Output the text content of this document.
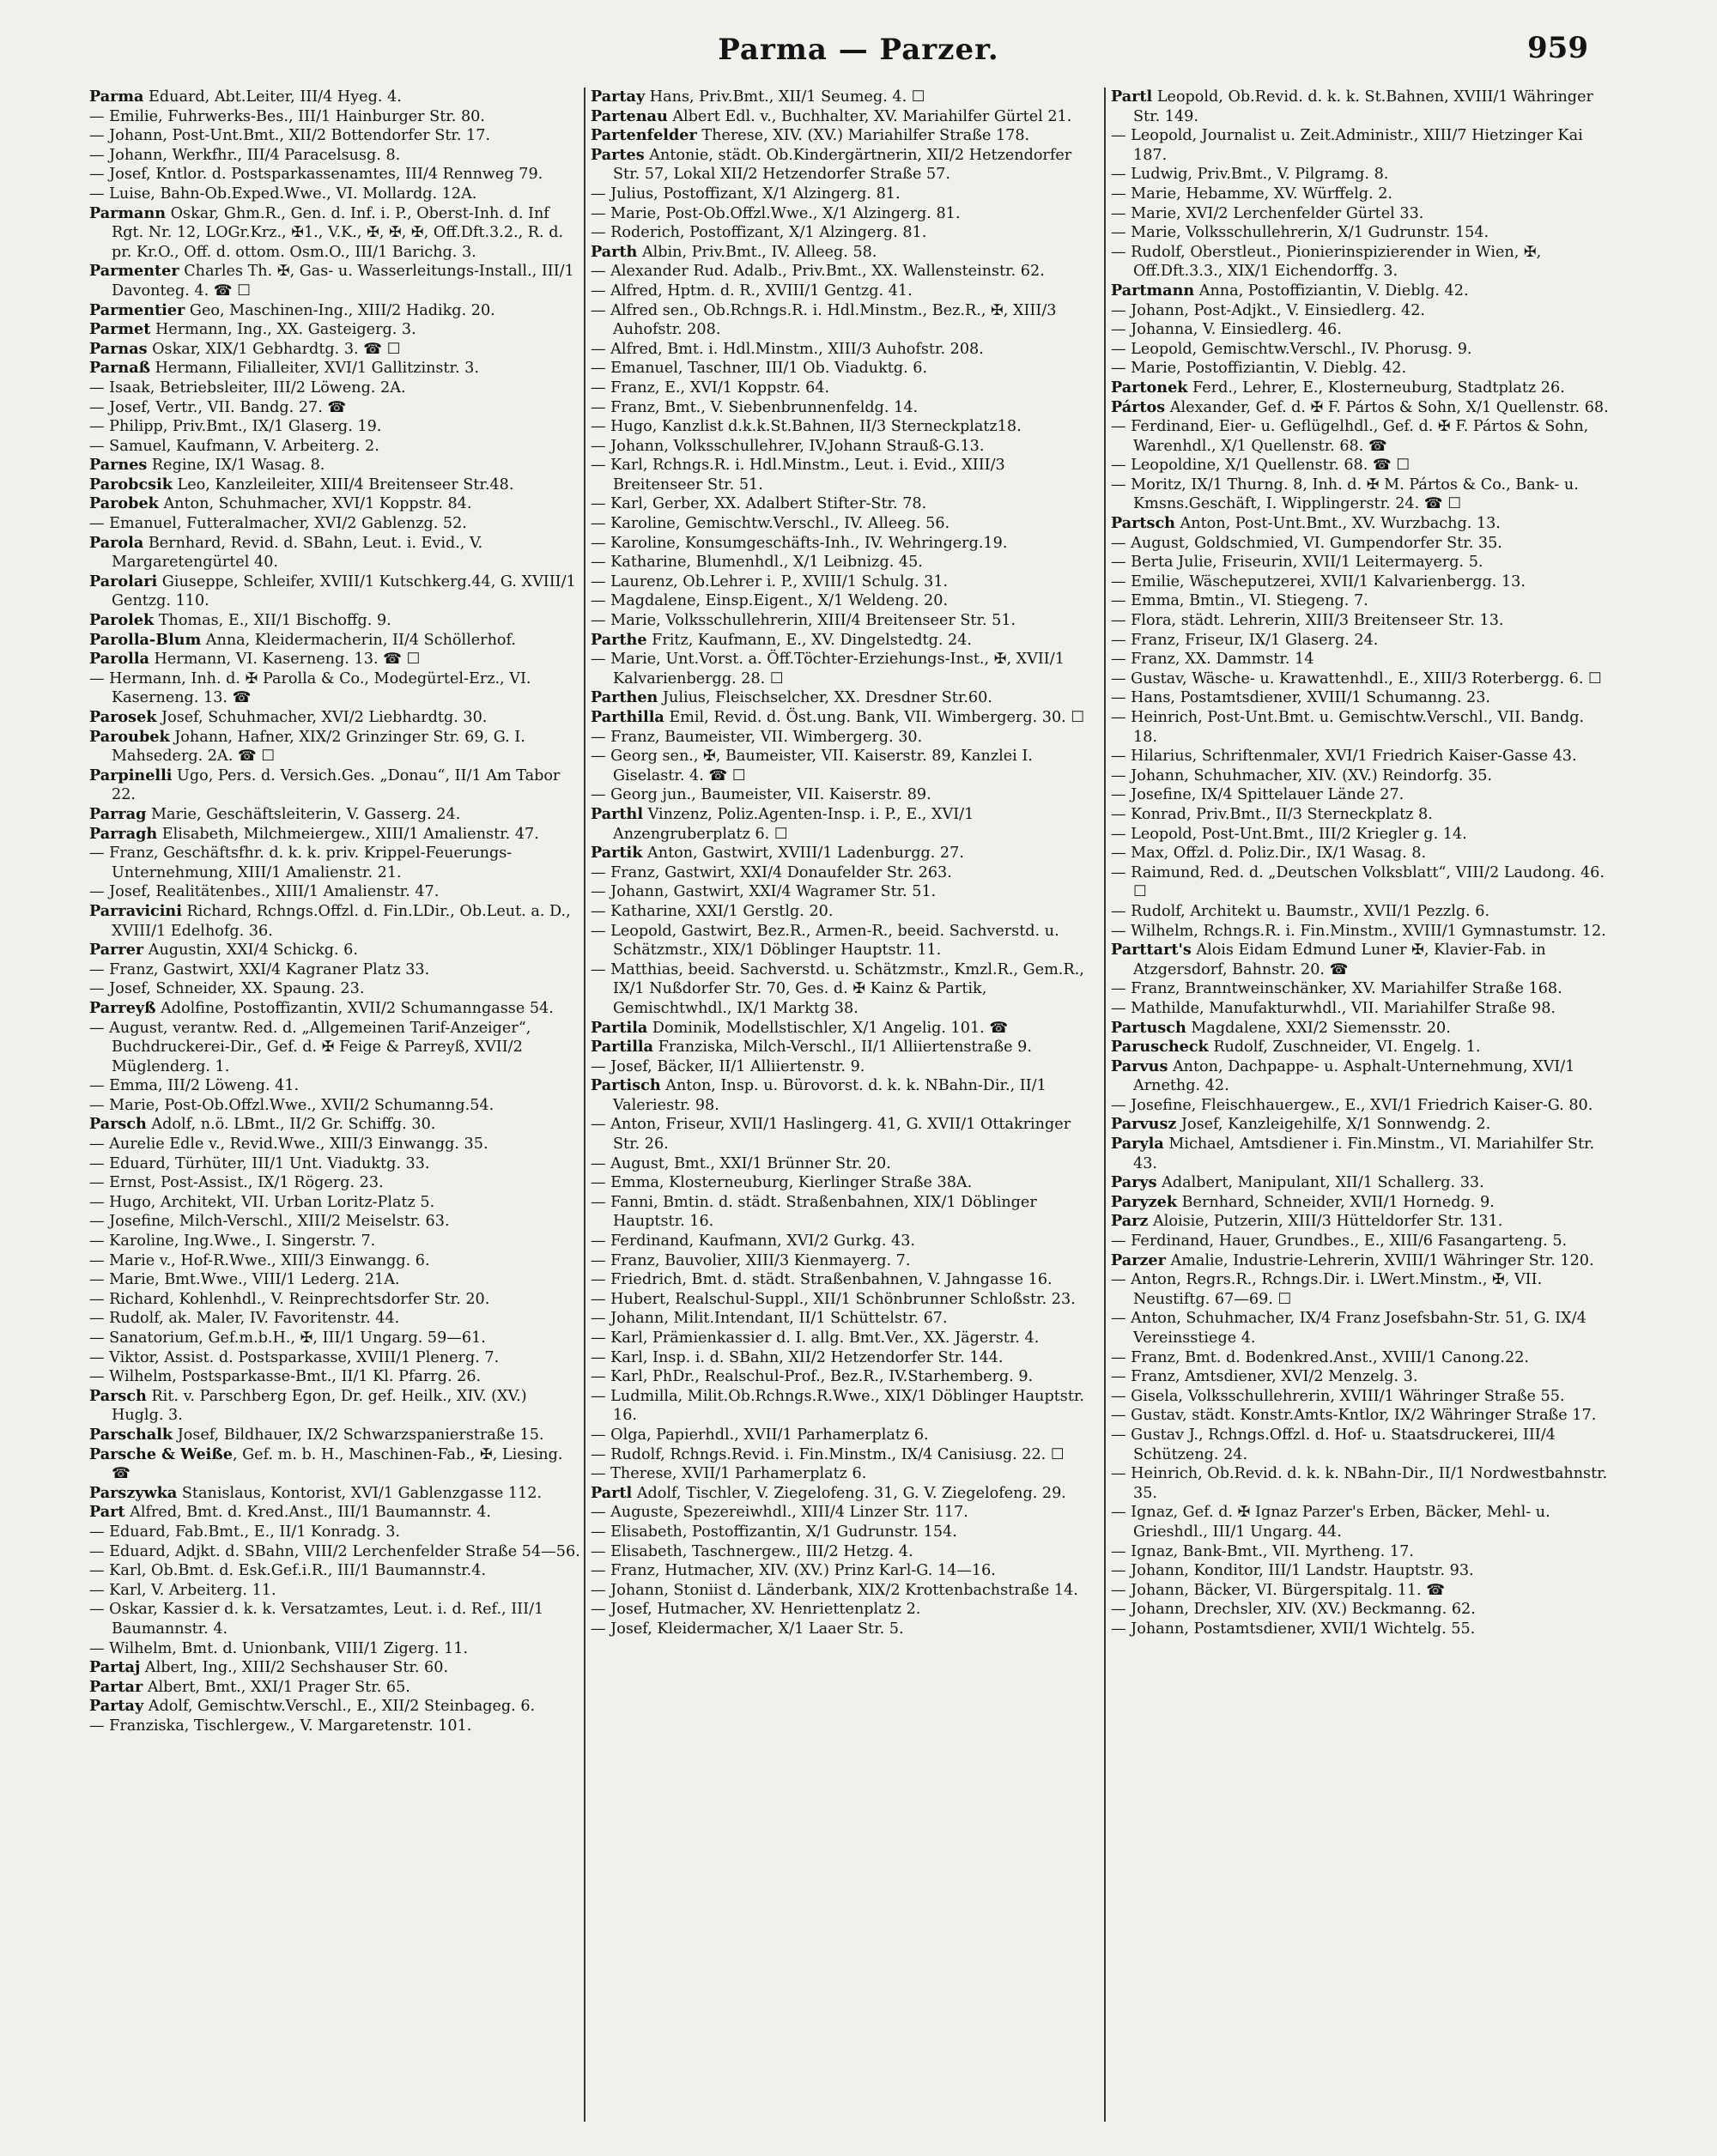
Parma — Parzer.	959

Parma Eduard, Abt.Leiter, III/4 Hyeg. 4.

— Emilie, Fuhrwerks-Bes., III/1 Hainburger Str. 80.

— Johann, Post-Unt.Bmt., XII/2 Bottendorfer Str. 17.

— Johann, Werkfhr., III/4 Paracelsusg. 8.

— Josef, Kntlor. d. Postsparkassenamtes, III/4 Rennweg 79.

— Luise, Bahn-Ob.Exped.Wwe., VI. Mollardg. 12A.

Parmann Oskar, Ghm.R., Gen. d. Inf. i. P., Oberst-Inh. d. Inf Rgt. Nr. 12, LOGr.Krz., ✠1., V.K., ✠, ✠, ✠, Off.Dft.3.2., R. d. pr. Kr.O., Off. d. ottom. Osm.O., III/1 Barichg. 3.

Parmenter Charles Th. ✠, Gas- u. Wasserleitungs-Install., III/1 Davonteg. 4. ☎ ☐

Parmentier Geo, Maschinen-Ing., XIII/2 Hadikg. 20.

Parmet Hermann, Ing., XX. Gasteigerg. 3.

Parnas Oskar, XIX/1 Gebhardtg. 3. ☎ ☐

Parnaß Hermann, Filialleiter, XVI/1 Gallitzinstr. 3.

— Isaak, Betriebsleiter, III/2 Löweng. 2A.

— Josef, Vertr., VII. Bandg. 27. ☎

— Philipp, Priv.Bmt., IX/1 Glaserg. 19.

— Samuel, Kaufmann, V. Arbeiterg. 2.

Parnes Regine, IX/1 Wasag. 8.

Parobcsik Leo, Kanzleileiter, XIII/4 Breitenseer Str.48.

Parobek Anton, Schuhmacher, XVI/1 Koppstr. 84.

— Emanuel, Futteralmacher, XVI/2 Gablenzg. 52.

Parola Bernhard, Revid. d. SBahn, Leut. i. Evid., V. Margaretengürtel 40.

Parolari Giuseppe, Schleifer, XVIII/1 Kutschkerg.44, G. XVIII/1 Gentzg. 110.

Parolek Thomas, E., XII/1 Bischoffg. 9.

Parolla-Blum Anna, Kleidermacherin, II/4 Schöllerhof.

Parolla Hermann, VI. Kaserneng. 13. ☎ ☐

— Hermann, Inh. d. ✠ Parolla & Co., Modegürtel-Erz., VI. Kaserneng. 13. ☎

Parosek Josef, Schuhmacher, XVI/2 Liebhardtg. 30.

Paroubek Johann, Hafner, XIX/2 Grinzinger Str. 69, G. I. Mahsederg. 2A. ☎ ☐

Parpinelli Ugo, Pers. d. Versich.Ges. „Donau“, II/1 Am Tabor 22.

Parrag Marie, Geschäftsleiterin, V. Gasserg. 24.

Parragh Elisabeth, Milchmeiergew., XIII/1 Amalienstr. 47.

— Franz, Geschäftsfhr. d. k. k. priv. Krippel-Feuerungs-Unternehmung, XIII/1 Amalienstr. 21.

— Josef, Realitätenbes., XIII/1 Amalienstr. 47.

Parravicini Richard, Rchngs.Offzl. d. Fin.LDir., Ob.Leut. a. D., XVIII/1 Edelhofg. 36.

Parrer Augustin, XXI/4 Schickg. 6.

— Franz, Gastwirt, XXI/4 Kagraner Platz 33.

— Josef, Schneider, XX. Spaung. 23.

Parreyß Adolfine, Postoffizantin, XVII/2 Schumanngasse 54.

— August, verantw. Red. d. „Allgemeinen Tarif-Anzeiger“, Buchdruckerei-Dir., Gef. d. ✠ Feige & Parreyß, XVII/2 Müglenderg. 1.

— Emma, III/2 Löweng. 41.

— Marie, Post-Ob.Offzl.Wwe., XVII/2 Schumanng.54.

Parsch Adolf, n.ö. LBmt., II/2 Gr. Schiffg. 30.

— Aurelie Edle v., Revid.Wwe., XIII/3 Einwangg. 35.

— Eduard, Türhüter, III/1 Unt. Viaduktg. 33.

— Ernst, Post-Assist., IX/1 Rögerg. 23.

— Hugo, Architekt, VII. Urban Loritz-Platz 5.

— Josefine, Milch-Verschl., XIII/2 Meiselstr. 63.

— Karoline, Ing.Wwe., I. Singerstr. 7.

— Marie v., Hof-R.Wwe., XIII/3 Einwangg. 6.

— Marie, Bmt.Wwe., VIII/1 Lederg. 21A.

— Richard, Kohlenhdl., V. Reinprechtsdorfer Str. 20.

— Rudolf, ak. Maler, IV. Favoritenstr. 44.

— Sanatorium, Gef.m.b.H., ✠, III/1 Ungarg. 59—61.

— Viktor, Assist. d. Postsparkasse, XVIII/1 Plenerg. 7.

— Wilhelm, Postsparkasse-Bmt., II/1 Kl. Pfarrg. 26.

Parsch Rit. v. Parschberg Egon, Dr. gef. Heilk., XIV. (XV.) Huglg. 3.

Parschalk Josef, Bildhauer, IX/2 Schwarzspanierstraße 15.

Parsche & Weiße, Gef. m. b. H., Maschinen-Fab., ✠, Liesing. ☎

Parszywka Stanislaus, Kontorist, XVI/1 Gablenzgasse 112.

Part Alfred, Bmt. d. Kred.Anst., III/1 Baumannstr. 4.

— Eduard, Fab.Bmt., E., II/1 Konradg. 3.

— Eduard, Adjkt. d. SBahn, VIII/2 Lerchenfelder Straße 54—56.

— Karl, Ob.Bmt. d. Esk.Gef.i.R., III/1 Baumannstr.4.

— Karl, V. Arbeiterg. 11.

— Oskar, Kassier d. k. k. Versatzamtes, Leut. i. d. Ref., III/1 Baumannstr. 4.

— Wilhelm, Bmt. d. Unionbank, VIII/1 Zigerg. 11.

Partaj Albert, Ing., XIII/2 Sechshauser Str. 60.

Partar Albert, Bmt., XXI/1 Prager Str. 65.

Partay Adolf, Gemischtw.Verschl., E., XII/2 Steinbageg. 6.

— Franziska, Tischlergew., V. Margaretenstr. 101.

Partay Hans, Priv.Bmt., XII/1 Seumeg. 4. ☐

Partenau Albert Edl. v., Buchhalter, XV. Mariahilfer Gürtel 21.

Partenfelder Therese, XIV. (XV.) Mariahilfer Straße 178.

Partes Antonie, städt. Ob.Kindergärtnerin, XII/2 Hetzendorfer Str. 57, Lokal XII/2 Hetzendorfer Straße 57.

— Julius, Postoffizant, X/1 Alzingerg. 81.

— Marie, Post-Ob.Offzl.Wwe., X/1 Alzingerg. 81.

— Roderich, Postoffizant, X/1 Alzingerg. 81.

Parth Albin, Priv.Bmt., IV. Alleeg. 58.

— Alexander Rud. Adalb., Priv.Bmt., XX. Wallensteinstr. 62.

— Alfred, Hptm. d. R., XVIII/1 Gentzg. 41.

— Alfred sen., Ob.Rchngs.R. i. Hdl.Minstm., Bez.R., ✠, XIII/3 Auhofstr. 208.

— Alfred, Bmt. i. Hdl.Minstm., XIII/3 Auhofstr. 208.

— Emanuel, Taschner, III/1 Ob. Viaduktg. 6.

— Franz, E., XVI/1 Koppstr. 64.

— Franz, Bmt., V. Siebenbrunnenfeldg. 14.

— Hugo, Kanzlist d.k.k.St.Bahnen, II/3 Sterneckplatz18.

— Johann, Volksschullehrer, IV.Johann Strauß-G.13.

— Karl, Rchngs.R. i. Hdl.Minstm., Leut. i. Evid., XIII/3 Breitenseer Str. 51.

— Karl, Gerber, XX. Adalbert Stifter-Str. 78.

— Karoline, Gemischtw.Verschl., IV. Alleeg. 56.

— Karoline, Konsumgeschäfts-Inh., IV. Wehringerg.19.

— Katharine, Blumenhdl., X/1 Leibnizg. 45.

— Laurenz, Ob.Lehrer i. P., XVIII/1 Schulg. 31.

— Magdalene, Einsp.Eigent., X/1 Weldeng. 20.

— Marie, Volksschullehrerin, XIII/4 Breitenseer Str. 51.

Parthe Fritz, Kaufmann, E., XV. Dingelstedtg. 24.

— Marie, Unt.Vorst. a. Öff.Töchter-Erziehungs-Inst., ✠, XVII/1 Kalvarienbergg. 28. ☐

Parthen Julius, Fleischselcher, XX. Dresdner Str.60.

Parthilla Emil, Revid. d. Öst.ung. Bank, VII. Wimbergerg. 30. ☐

— Franz, Baumeister, VII. Wimbergerg. 30.

— Georg sen., ✠, Baumeister, VII. Kaiserstr. 89, Kanzlei I. Giselastr. 4. ☎ ☐

— Georg jun., Baumeister, VII. Kaiserstr. 89.

Parthl Vinzenz, Poliz.Agenten-Insp. i. P., E., XVI/1 Anzengruberplatz 6. ☐

Partik Anton, Gastwirt, XVIII/1 Ladenburgg. 27.

— Franz, Gastwirt, XXI/4 Donaufelder Str. 263.

— Johann, Gastwirt, XXI/4 Wagramer Str. 51.

— Katharine, XXI/1 Gerstlg. 20.

— Leopold, Gastwirt, Bez.R., Armen-R., beeid. Sachverstd. u. Schätzmstr., XIX/1 Döblinger Hauptstr. 11.

— Matthias, beeid. Sachverstd. u. Schätzmstr., Kmzl.R., Gem.R., IX/1 Nußdorfer Str. 70, Ges. d. ✠ Kainz & Partik, Gemischtwhdl., IX/1 Marktg 38.

Partila Dominik, Modellstischler, X/1 Angelig. 101. ☎

Partilla Franziska, Milch-Verschl., II/1 Alliiertenstraße 9.

— Josef, Bäcker, II/1 Alliiertenstr. 9.

Partisch Anton, Insp. u. Bürovorst. d. k. k. NBahn-Dir., II/1 Valeriestr. 98.

— Anton, Friseur, XVII/1 Haslingerg. 41, G. XVII/1 Ottakringer Str. 26.

— August, Bmt., XXI/1 Brünner Str. 20.

— Emma, Klosterneuburg, Kierlinger Straße 38A.

— Fanni, Bmtin. d. städt. Straßenbahnen, XIX/1 Döblinger Hauptstr. 16.

— Ferdinand, Kaufmann, XVI/2 Gurkg. 43.

— Franz, Bauvolier, XIII/3 Kienmayerg. 7.

— Friedrich, Bmt. d. städt. Straßenbahnen, V. Jahngasse 16.

— Hubert, Realschul-Suppl., XII/1 Schönbrunner Schloßstr. 23.

— Johann, Milit.Intendant, II/1 Schüttelstr. 67.

— Karl, Prämienkassier d. I. allg. Bmt.Ver., XX. Jägerstr. 4.

— Karl, Insp. i. d. SBahn, XII/2 Hetzendorfer Str. 144.

— Karl, PhDr., Realschul-Prof., Bez.R., IV.Starhemberg. 9.

— Ludmilla, Milit.Ob.Rchngs.R.Wwe., XIX/1 Döblinger Hauptstr. 16.

— Olga, Papierhdl., XVII/1 Parhamerplatz 6.

— Rudolf, Rchngs.Revid. i. Fin.Minstm., IX/4 Canisiusg. 22. ☐

— Therese, XVII/1 Parhamerplatz 6.

Partl Adolf, Tischler, V. Ziegelofeng. 31, G. V. Ziegelofeng. 29.

— Auguste, Spezereiwhdl., XIII/4 Linzer Str. 117.

— Elisabeth, Postoffizantin, X/1 Gudrunstr. 154.

— Elisabeth, Taschnergew., III/2 Hetzg. 4.

— Franz, Hutmacher, XIV. (XV.) Prinz Karl-G. 14—16.

— Johann, Stoniist d. Länderbank, XIX/2 Krottenbachstraße 14.

— Josef, Hutmacher, XV. Henriettenplatz 2.

— Josef, Kleidermacher, X/1 Laaer Str. 5.

Partl Leopold, Ob.Revid. d. k. k. St.Bahnen, XVIII/1 Währinger Str. 149.

— Leopold, Journalist u. Zeit.Administr., XIII/7 Hietzinger Kai 187.

— Ludwig, Priv.Bmt., V. Pilgramg. 8.

— Marie, Hebamme, XV. Würffelg. 2.

— Marie, XVI/2 Lerchenfelder Gürtel 33.

— Marie, Volksschullehrerin, X/1 Gudrunstr. 154.

— Rudolf, Oberstleut., Pionierinspizierender in Wien, ✠, Off.Dft.3.3., XIX/1 Eichendorffg. 3.

Partmann Anna, Postoffiziantin, V. Dieblg. 42.

— Johann, Post-Adjkt., V. Einsiedlerg. 42.

— Johanna, V. Einsiedlerg. 46.

— Leopold, Gemischtw.Verschl., IV. Phorusg. 9.

— Marie, Postoffiziantin, V. Dieblg. 42.

Partonek Ferd., Lehrer, E., Klosterneuburg, Stadtplatz 26.

Pártos Alexander, Gef. d. ✠ F. Pártos & Sohn, X/1 Quellenstr. 68.

— Ferdinand, Eier- u. Geflügelhdl., Gef. d. ✠ F. Pártos & Sohn, Warenhdl., X/1 Quellenstr. 68. ☎

— Leopoldine, X/1 Quellenstr. 68. ☎ ☐

— Moritz, IX/1 Thurng. 8, Inh. d. ✠ M. Pártos & Co., Bank- u. Kmsns.Geschäft, I. Wipplingerstr. 24. ☎ ☐

Partsch Anton, Post-Unt.Bmt., XV. Wurzbachg. 13.

— August, Goldschmied, VI. Gumpendorfer Str. 35.

— Berta Julie, Friseurin, XVII/1 Leitermayerg. 5.

— Emilie, Wäscheputzerei, XVII/1 Kalvarienbergg. 13.

— Emma, Bmtin., VI. Stiegeng. 7.

— Flora, städt. Lehrerin, XIII/3 Breitenseer Str. 13.

— Franz, Friseur, IX/1 Glaserg. 24.

— Franz, XX. Dammstr. 14

— Gustav, Wäsche- u. Krawattenhdl., E., XIII/3 Roterbergg. 6. ☐

— Hans, Postamtsdiener, XVIII/1 Schumanng. 23.

— Heinrich, Post-Unt.Bmt. u. Gemischtw.Verschl., VII. Bandg. 18.

— Hilarius, Schriftenmaler, XVI/1 Friedrich Kaiser-Gasse 43.

— Johann, Schuhmacher, XIV. (XV.) Reindorfg. 35.

— Josefine, IX/4 Spittelauer Lände 27.

— Konrad, Priv.Bmt., II/3 Sterneckplatz 8.

— Leopold, Post-Unt.Bmt., III/2 Kriegler g. 14.

— Max, Offzl. d. Poliz.Dir., IX/1 Wasag. 8.

— Raimund, Red. d. „Deutschen Volksblatt“, VIII/2 Laudong. 46. ☐

— Rudolf, Architekt u. Baumstr., XVII/1 Pezzlg. 6.

— Wilhelm, Rchngs.R. i. Fin.Minstm., XVIII/1 Gymnastumstr. 12.

Parttart's Alois Eidam Edmund Luner ✠, Klavier-Fab. in Atzgersdorf, Bahnstr. 20. ☎

— Franz, Branntweinschänker, XV. Mariahilfer Straße 168.

— Mathilde, Manufakturwhdl., VII. Mariahilfer Straße 98.

Partusch Magdalene, XXI/2 Siemensstr. 20.

Paruscheck Rudolf, Zuschneider, VI. Engelg. 1.

Parvus Anton, Dachpappe- u. Asphalt-Unternehmung, XVI/1 Arnethg. 42.

— Josefine, Fleischhauergew., E., XVI/1 Friedrich Kaiser-G. 80.

Parvusz Josef, Kanzleigehilfe, X/1 Sonnwendg. 2.

Paryla Michael, Amtsdiener i. Fin.Minstm., VI. Mariahilfer Str. 43.

Parys Adalbert, Manipulant, XII/1 Schallerg. 33.

Paryzek Bernhard, Schneider, XVII/1 Hornedg. 9.

Parz Aloisie, Putzerin, XIII/3 Hütteldorfer Str. 131.

— Ferdinand, Hauer, Grundbes., E., XIII/6 Fasangarteng. 5.

Parzer Amalie, Industrie-Lehrerin, XVIII/1 Währinger Str. 120.

— Anton, Regrs.R., Rchngs.Dir. i. LWert.Minstm., ✠, VII. Neustiftg. 67—69. ☐

— Anton, Schuhmacher, IX/4 Franz Josefsbahn-Str. 51, G. IX/4 Vereinsstiege 4.

— Franz, Bmt. d. Bodenkred.Anst., XVIII/1 Canong.22.

— Franz, Amtsdiener, XVI/2 Menzelg. 3.

— Gisela, Volksschullehrerin, XVIII/1 Währinger Straße 55.

— Gustav, städt. Konstr.Amts-Kntlor, IX/2 Währinger Straße 17.

— Gustav J., Rchngs.Offzl. d. Hof- u. Staatsdruckerei, III/4 Schützeng. 24.

— Heinrich, Ob.Revid. d. k. k. NBahn-Dir., II/1 Nordwestbahnstr. 35.

— Ignaz, Gef. d. ✠ Ignaz Parzer's Erben, Bäcker, Mehl- u. Grieshdl., III/1 Ungarg. 44.

— Ignaz, Bank-Bmt., VII. Myrtheng. 17.

— Johann, Konditor, III/1 Landstr. Hauptstr. 93.

— Johann, Bäcker, VI. Bürgerspitalg. 11. ☎

— Johann, Drechsler, XIV. (XV.) Beckmanng. 62.

— Johann, Postamtsdiener, XVII/1 Wichtelg. 55.
